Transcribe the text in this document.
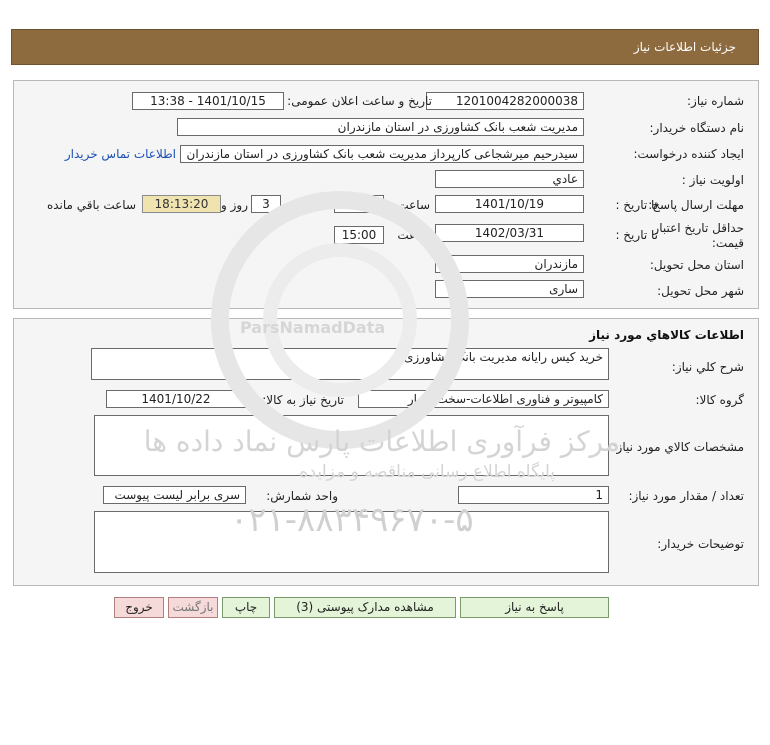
جزئیات اطلاعات نیاز
شماره نیاز:
1201004282000038
تاریخ و ساعت اعلان عمومی:
1401/10/15 - 13:38
نام دستگاه خریدار:
مدیریت شعب بانک کشاورزی در استان مازندران
ایجاد کننده درخواست:
سیدرحیم میرشجاعی کارپرداز مدیریت شعب بانک کشاورزی در استان مازندران
اطلاعات تماس خریدار
اولویت نیاز :
عادي
مهلت ارسال پاسخ:
تا تاریخ :
1401/10/19
ساعت
08:00
3
روز و
18:13:20
ساعت باقي مانده
حداقل تاریخ اعتبار
قیمت:
تا تاریخ :
1402/03/31
ساعت
15:00
استان محل تحویل:
مازندران
شهر محل تحویل:
ساری
اطلاعات کالاهاي مورد نياز
شرح کلي نياز:
خرید کیس رایانه مدیریت بانک کشاورزی
گروه کالا:
کامپیوتر و فناوری اطلاعات-سخت افزار
تاریخ نیاز به کالا:
1401/10/22
مشخصات کالاي مورد نياز:
تعداد / مقدار مورد نیاز:
1
واحد شمارش:
سری برابر لیست پیوست
توضیحات خریدار:
مرکز فرآوری اطلاعات پارس نماد داده ها
پایگاه اطلاع رسانی مناقصه و مزایده
۰۲۱-۸۸۳۴۹۶۷۰-۵
ParsNamadData
پاسخ به نیاز
مشاهده مدارک پیوستی (3)
چاپ
بازگشت
خروج
